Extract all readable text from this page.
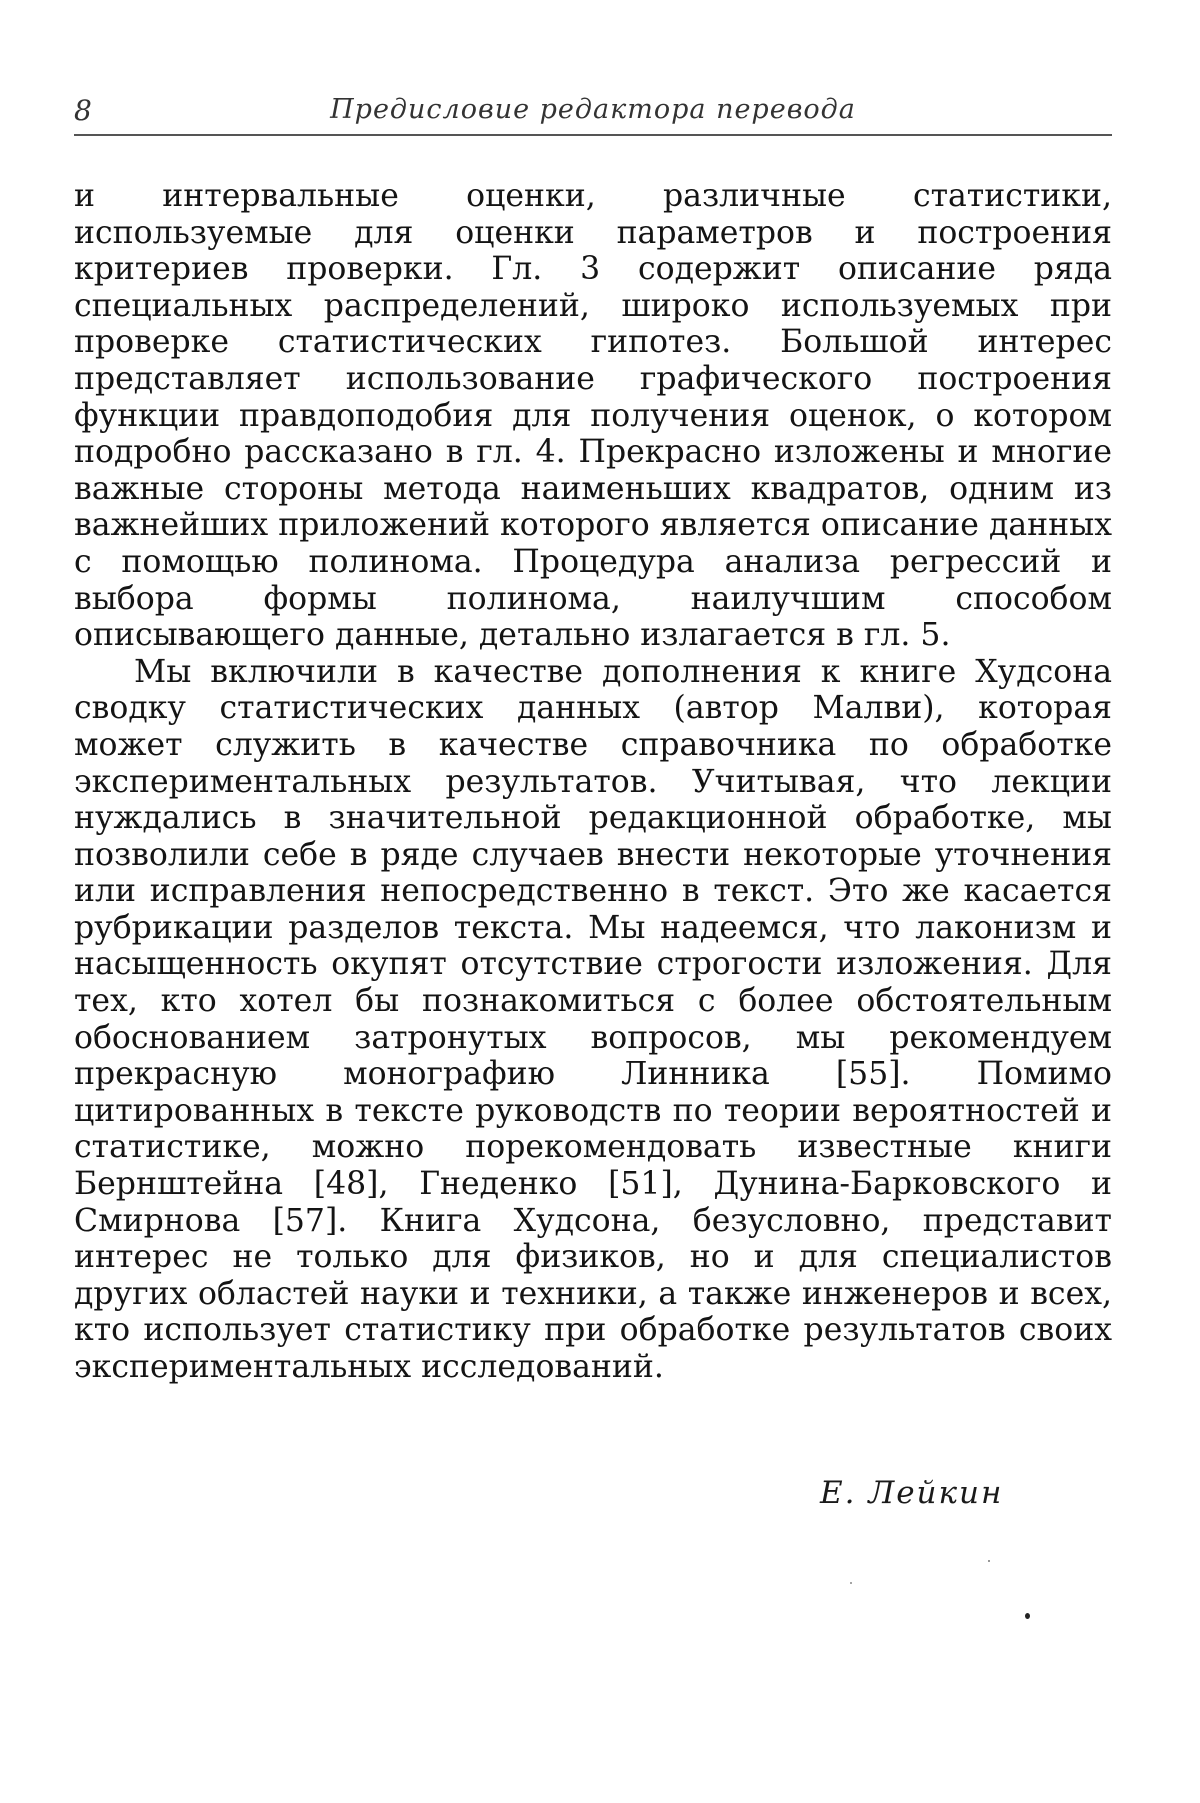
8	Предисловие редактора перевода

и интервальные оценки, различные статистики, используемые для оценки параметров и построения критериев проверки. Гл. 3 содержит описание ряда специальных распределений, широко используемых при проверке статистических гипотез. Большой интерес представляет использование графического построения функции правдоподобия для получения оценок, о котором подробно рассказано в гл. 4. Прекрасно изложены и многие важные стороны метода наименьших квадратов, одним из важнейших приложений которого является описание данных с помощью полинома. Процедура анализа регрессий и выбора формы полинома, наилучшим способом описывающего данные, детально излагается в гл. 5.

Мы включили в качестве дополнения к книге Худсона сводку статистических данных (автор Малви), которая может служить в качестве справочника по обработке экспериментальных результатов. Учитывая, что лекции нуждались в значительной редакционной обработке, мы позволили себе в ряде случаев внести некоторые уточнения или исправления непосредственно в текст. Это же касается рубрикации разделов текста. Мы надеемся, что лаконизм и насыщенность окупят отсутствие строгости изложения. Для тех, кто хотел бы познакомиться с более обстоятельным обоснованием затронутых вопросов, мы рекомендуем прекрасную монографию Линника [55]. Помимо цитированных в тексте руководств по теории вероятностей и статистике, можно порекомендовать известные книги Бернштейна [48], Гнеденко [51], Дунина-Барковского и Смирнова [57]. Книга Худсона, безусловно, представит интерес не только для физиков, но и для специалистов других областей науки и техники, а также инженеров и всех, кто использует статистику при обработке результатов своих экспериментальных исследований.

Е. Лейкин
